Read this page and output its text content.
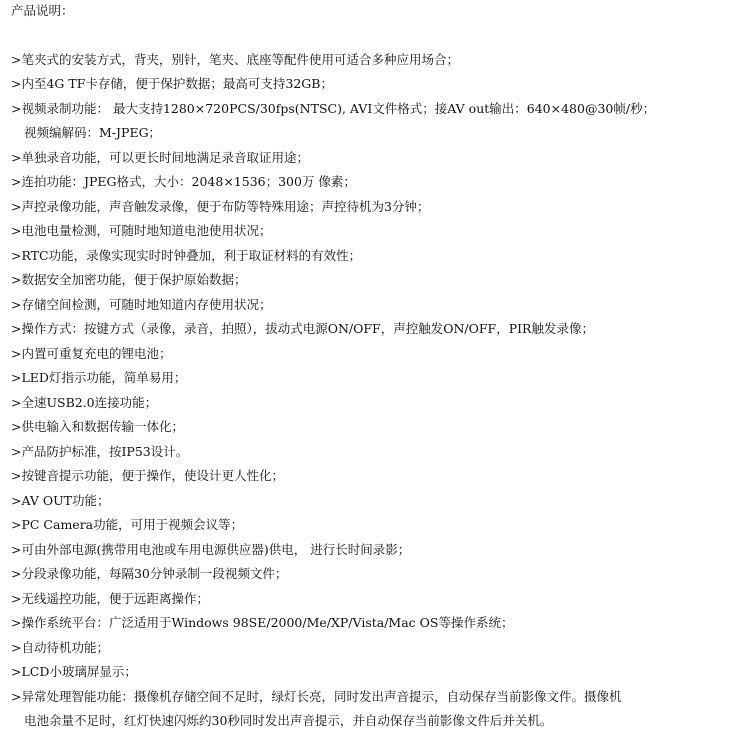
产品说明：
>笔夹式的安装方式，背夹，别针，笔夹、底座等配件使用可适合多种应用场合；
>内至4G TF卡存储，便于保护数据；最高可支持32GB；
>视频录制功能： 最大支持1280×720PCS/30fps(NTSC), AVI文件格式；接AV out输出：640×480@30帧/秒；
视频编解码：M-JPEG；
>单独录音功能，可以更长时间地满足录音取证用途；
>连拍功能：JPEG格式，大小：2048×1536；300万 像素；
>声控录像功能，声音触发录像，便于布防等特殊用途；声控待机为3分钟；
>电池电量检测，可随时地知道电池使用状况；
>RTC功能，录像实现实时时钟叠加，利于取证材料的有效性；
>数据安全加密功能，便于保护原始数据；
>存储空间检测，可随时地知道内存使用状况；
>操作方式：按键方式（录像，录音，拍照），拔动式电源ON/OFF，声控触发ON/OFF，PIR触发录像；
>内置可重复充电的锂电池；
>LED灯指示功能，简单易用；
>全速USB2.0连接功能；
>供电输入和数据传输一体化；
>产品防护标准，按IP53设计。
>按键音提示功能，便于操作，使设计更人性化；
>AV OUT功能；
>PC Camera功能，可用于视频会议等；
>可由外部电源(携带用电池或车用电源供应器)供电， 进行长时间录影；
>分段录像功能，每隔30分钟录制一段视频文件；
>无线遥控功能，便于远距离操作；
>操作系统平台：广泛适用于Windows 98SE/2000/Me/XP/Vista/Mac OS等操作系统；
>自动待机功能；
>LCD小玻璃屏显示；
>异常处理智能功能：摄像机存储空间不足时，绿灯长亮，同时发出声音提示，自动保存当前影像文件。摄像机
电池余量不足时，红灯快速闪烁约30秒同时发出声音提示，并自动保存当前影像文件后并关机。
